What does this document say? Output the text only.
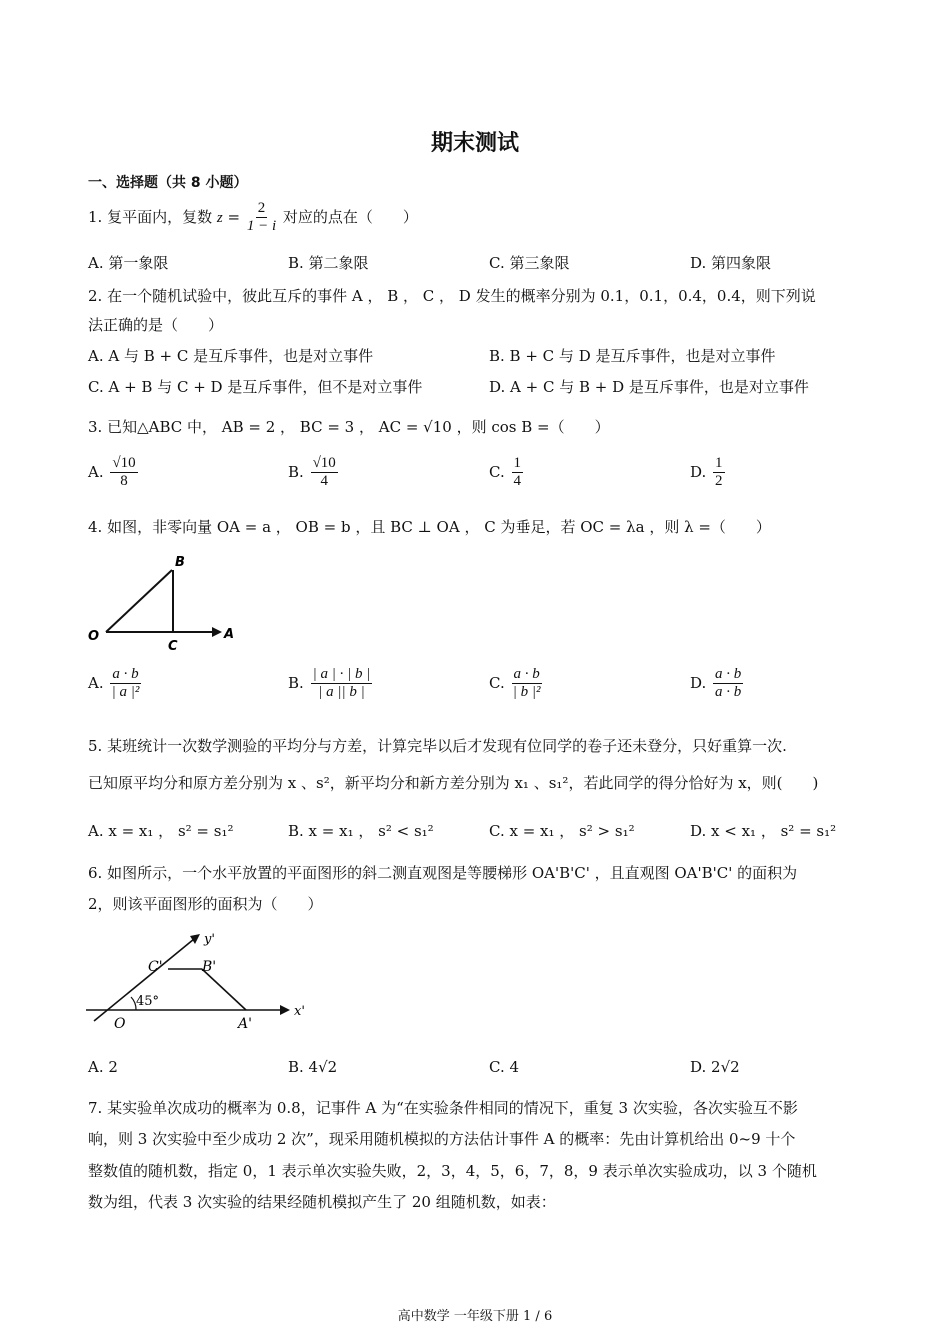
期末测试
一、选择题（共 8 小题）
1. 复平面内，复数 $z = \frac{2}{1 - i}$ 对应的点在（　　）
A. 第一象限	B. 第二象限	C. 第三象限	D. 第四象限
2. 在一个随机试验中，彼此互斥的事件 A ， B ， C ， D 发生的概率分别为 0.1，0.1，0.4，0.4，则下列说
法正确的是（　　）
A. A 与 B + C 是互斥事件，也是对立事件	B. B + C 与 D 是互斥事件，也是对立事件
C. A + B 与 C + D 是互斥事件，但不是对立事件	D. A + C 与 B + D 是互斥事件，也是对立事件
3. 已知△ABC 中， AB = 2 ， BC = 3 ， AC = √10 ，则 cos B =（　　）
A. $\frac{√10}{8}$	B. $\frac{√10}{4}$	C. $\frac{1}{4}$	D. $\frac{1}{2}$
4. 如图，非零向量 OA = a ， OB = b ，且 BC ⊥ OA ， C 为垂足，若 OC = λa ，则 λ =（　　）
O	A
B
C
A. $\frac{a \cdot b}{\text{| a |²}}$	B. $\frac{| a | \cdot | b |}{| a || b |}$	C. $\frac{a \cdot b}{\text{| b |²}}$	D. $\frac{a \cdot b}{a \cdot b}$
5. 某班统计一次数学测验的平均分与方差，计算完毕以后才发现有位同学的卷子还未登分，只好重算一次.
已知原平均分和原方差分别为 x 、s²，新平均分和新方差分别为 x₁ 、s₁²，若此同学的得分恰好为 x，则(　　)
A. x = x₁ ， s² = s₁²	B. x = x₁ ， s² < s₁²	C. x = x₁ ， s² > s₁²	D. x < x₁ ， s² = s₁²
6. 如图所示，一个水平放置的平面图形的斜二测直观图是等腰梯形 OA'B'C' ，且直观图 OA'B'C' 的面积为
2，则该平面图形的面积为（　　）
y'
x'
C'	B'
A'
O
45°
A. 2	B. 4√2	C. 4	D. 2√2
7. 某实验单次成功的概率为 0.8，记事件 A 为“在实验条件相同的情况下，重复 3 次实验，各次实验互不影
响，则 3 次实验中至少成功 2 次”，现采用随机模拟的方法估计事件 A 的概率：先由计算机给出 0~9 十个
整数值的随机数，指定 0，1 表示单次实验失败，2，3，4，5，6，7，8，9 表示单次实验成功，以 3 个随机
数为组，代表 3 次实验的结果经随机模拟产生了 20 组随机数，如表：
高中数学 一年级下册 1 / 6
